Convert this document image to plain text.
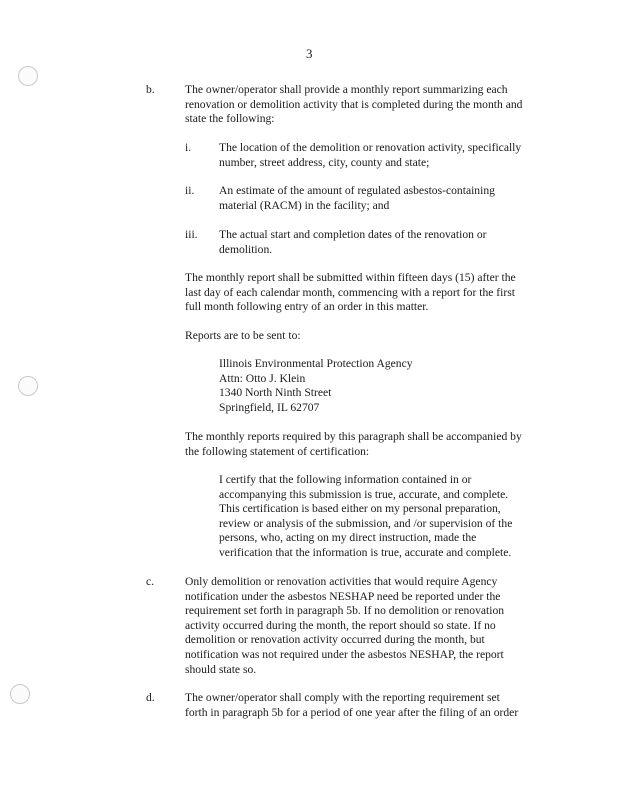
3
b.	The owner/operator shall provide a monthly report summarizing each

renovation or demolition activity that is completed during the month and

state the following:

i. The location of the demolition or renovation activity, specifically

number, street address, city, county and state;

ii. An estimate of the amount of regulated asbestos-containing

material (RACM) in the facility; and

iii. The actual start and completion dates of the renovation or

demolition.

The monthly report shall be submitted within fifteen days (15) after the

last day of each calendar month, commencing with a report for the first

full month following entry of an order in this matter.

Reports are to be sent to:

Illinois Environmental Protection Agency

Attn: Otto J. Klein

1340 North Ninth Street

Springfield, IL 62707

The monthly reports required by this paragraph shall be accompanied by

the following statement of certification:

I certify that the following information contained in or

accompanying this submission is true, accurate, and complete.

This certification is based either on my personal preparation,

review or analysis of the submission, and /or supervision of the

persons, who, acting on my direct instruction, made the

verification that the information is true, accurate and complete.

c.	Only demolition or renovation activities that would require Agency

notification under the asbestos NESHAP need be reported under the

requirement set forth in paragraph 5b. If no demolition or renovation

activity occurred during the month, the report should so state. If no

demolition or renovation activity occurred during the month, but

notification was not required under the asbestos NESHAP, the report

should state so.

d.	The owner/operator shall comply with the reporting requirement set

forth in paragraph 5b for a period of one year after the filing of an order
